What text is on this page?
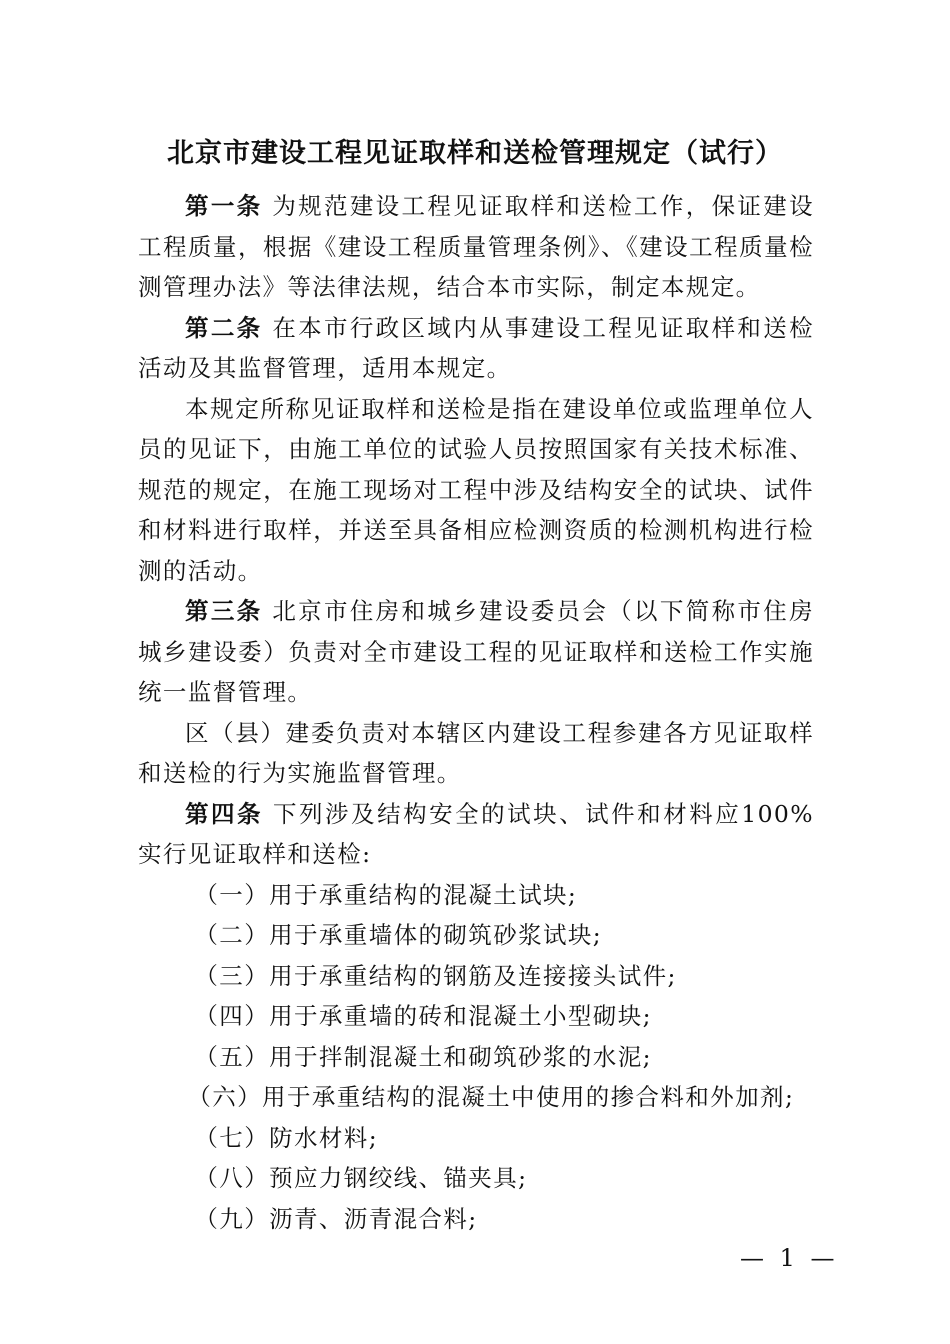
北京市建设工程见证取样和送检管理规定（试行）

第一条 为规范建设工程见证取样和送检工作，保证建设工程质量，根据《建设工程质量管理条例》、《建设工程质量检测管理办法》等法律法规，结合本市实际，制定本规定。

第二条 在本市行政区域内从事建设工程见证取样和送检活动及其监督管理，适用本规定。

本规定所称见证取样和送检是指在建设单位或监理单位人员的见证下，由施工单位的试验人员按照国家有关技术标准、规范的规定，在施工现场对工程中涉及结构安全的试块、试件和材料进行取样，并送至具备相应检测资质的检测机构进行检测的活动。

第三条 北京市住房和城乡建设委员会（以下简称市住房城乡建设委）负责对全市建设工程的见证取样和送检工作实施统一监督管理。

区（县）建委负责对本辖区内建设工程参建各方见证取样和送检的行为实施监督管理。

第四条 下列涉及结构安全的试块、试件和材料应100%实行见证取样和送检:

（一）用于承重结构的混凝土试块;

（二）用于承重墙体的砌筑砂浆试块;

（三）用于承重结构的钢筋及连接接头试件;

（四）用于承重墙的砖和混凝土小型砌块;

（五）用于拌制混凝土和砌筑砂浆的水泥;

（六）用于承重结构的混凝土中使用的掺合料和外加剂;

（七）防水材料;

（八）预应力钢绞线、锚夹具;

（九）沥青、沥青混合料;

— 1 —
